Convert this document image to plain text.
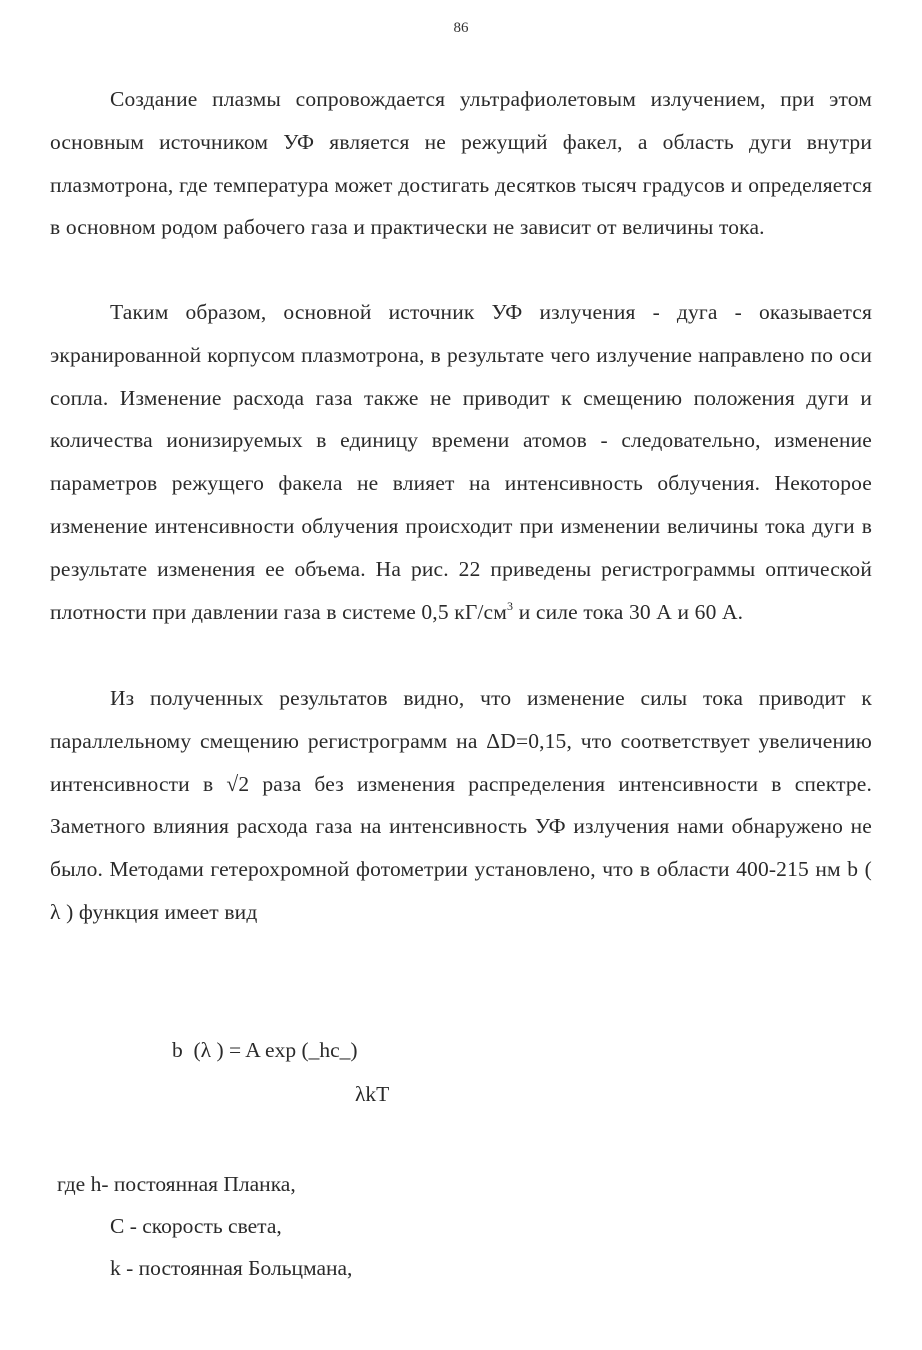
86

Создание плазмы сопровождается ультрафиолетовым излучением, при этом основным источником УФ является не режущий факел, а область дуги внутри плазмотрона, где температура может достигать десятков тысяч градусов и определяется в основном родом рабочего газа и практически не зависит от величины тока.

Таким образом, основной источник УФ излучения - дуга - оказывается экранированной корпусом плазмотрона, в результате чего излучение направлено по оси сопла. Изменение расхода газа также не приводит к смещению положения дуги и количества ионизируемых в единицу времени атомов - следовательно, изменение параметров режущего факела не влияет на интенсивность облучения. Некоторое изменение интенсивности облучения происходит при изменении величины тока дуги в результате изменения ее объема. На рис. 22 приведены регистрограммы оптической плотности при давлении газа в системе 0,5 $кГ/см^3$ и силе тока 30 А и 60 А.

Из полученных результатов видно, что изменение силы тока приводит к параллельному смещению регистрограмм на ΔD=0,15, что соответствует увеличению интенсивности в √2 раза без изменения распределения интенсивности в спектре. Заметного влияния расхода газа на интенсивность УФ излучения нами обнаружено не было. Методами гетерохромной фотометрии установлено, что в области 400-215 нм b ( λ ) функция имеет вид

b  (λ ) = A exp (_hc_)
λkT
где h- постоянная Планка,
С - скорость света,
k - постоянная Больцмана,
